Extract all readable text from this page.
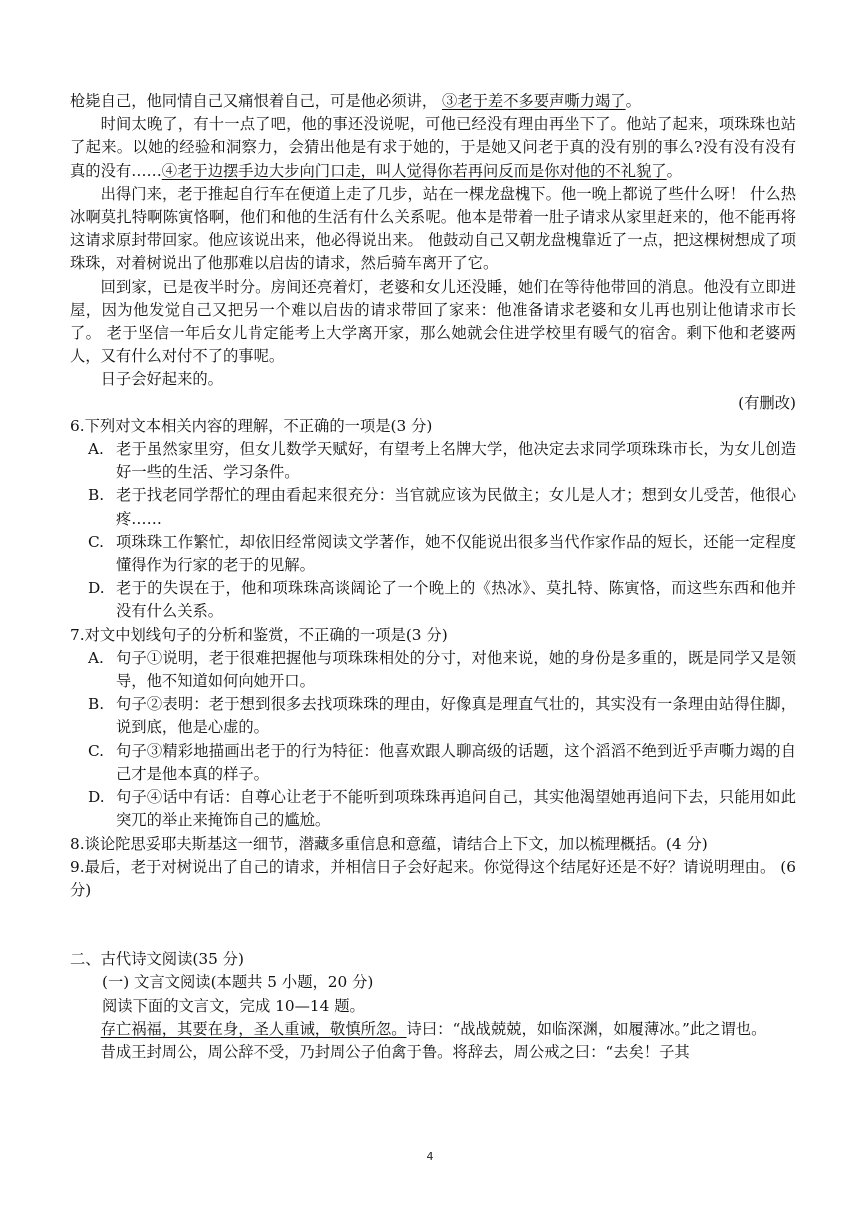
枪毙自己，他同情自己又痛恨着自己，可是他必须讲， ③老于差不多要声嘶力竭了。

时间太晚了，有十一点了吧，他的事还没说呢，可他已经没有理由再坐下了。他站了起来，项珠珠也站了起来。以她的经验和洞察力，会猜出他是有求于她的，于是她又问老于真的没有别的事么?没有没有没有真的没有……④老于边摆手边大步向门口走，叫人觉得你若再问反而是你对他的不礼貌了。

出得门来，老于推起自行车在便道上走了几步，站在一棵龙盘槐下。他一晚上都说了些什么呀！ 什么热冰啊莫扎特啊陈寅恪啊，他们和他的生活有什么关系呢。他本是带着一肚子请求从家里赶来的，他不能再将这请求原封带回家。他应该说出来，他必得说出来。 他鼓动自己又朝龙盘槐靠近了一点，把这棵树想成了项珠珠，对着树说出了他那难以启齿的请求，然后骑车离开了它。

回到家，已是夜半时分。房间还亮着灯，老婆和女儿还没睡，她们在等待他带回的消息。他没有立即进屋，因为他发觉自己又把另一个难以启齿的请求带回了家来：他准备请求老婆和女儿再也别让他请求市长了。 老于坚信一年后女儿肯定能考上大学离开家，那么她就会住进学校里有暖气的宿舍。剩下他和老婆两人，又有什么对付不了的事呢。

日子会好起来的。

(有删改)

6.下列对文本相关内容的理解，不正确的一项是(3 分)

A. 老于虽然家里穷，但女儿数学天赋好，有望考上名牌大学，他决定去求同学项珠珠市长，为女儿创造好一些的生活、学习条件。
B. 老于找老同学帮忙的理由看起来很充分：当官就应该为民做主；女儿是人才；想到女儿受苦，他很心疼……
C. 项珠珠工作繁忙，却依旧经常阅读文学著作，她不仅能说出很多当代作家作品的短长，还能一定程度懂得作为行家的老于的见解。
D. 老于的失误在于，他和项珠珠高谈阔论了一个晚上的《热冰》、莫扎特、陈寅恪，而这些东西和他并没有什么关系。

7.对文中划线句子的分析和鉴赏，不正确的一项是(3 分)

A. 句子①说明，老于很难把握他与项珠珠相处的分寸，对他来说，她的身份是多重的，既是同学又是领导，他不知道如何向她开口。
B. 句子②表明：老于想到很多去找项珠珠的理由，好像真是理直气壮的，其实没有一条理由站得住脚，说到底，他是心虚的。
C. 句子③精彩地描画出老于的行为特征：他喜欢跟人聊高级的话题，这个滔滔不绝到近乎声嘶力竭的自己才是他本真的样子。
D. 句子④话中有话：自尊心让老于不能听到项珠珠再追问自己，其实他渴望她再追问下去，只能用如此突兀的举止来掩饰自己的尴尬。

8.谈论陀思妥耶夫斯基这一细节，潜藏多重信息和意蕴，请结合上下文，加以梳理概括。(4 分)

9.最后，老于对树说出了自己的请求，并相信日子会好起来。你觉得这个结尾好还是不好？请说明理由。 (6 分)

二、古代诗文阅读(35 分)

(一) 文言文阅读(本题共 5 小题，20 分)

阅读下面的文言文，完成 10—14 题。

存亡祸福，其要在身，圣人重诫，敬慎所忽。诗曰：“战战兢兢，如临深渊，如履薄冰。”此之谓也。

昔成王封周公，周公辞不受，乃封周公子伯禽于鲁。将辞去，周公戒之曰：“去矣！子其

4
